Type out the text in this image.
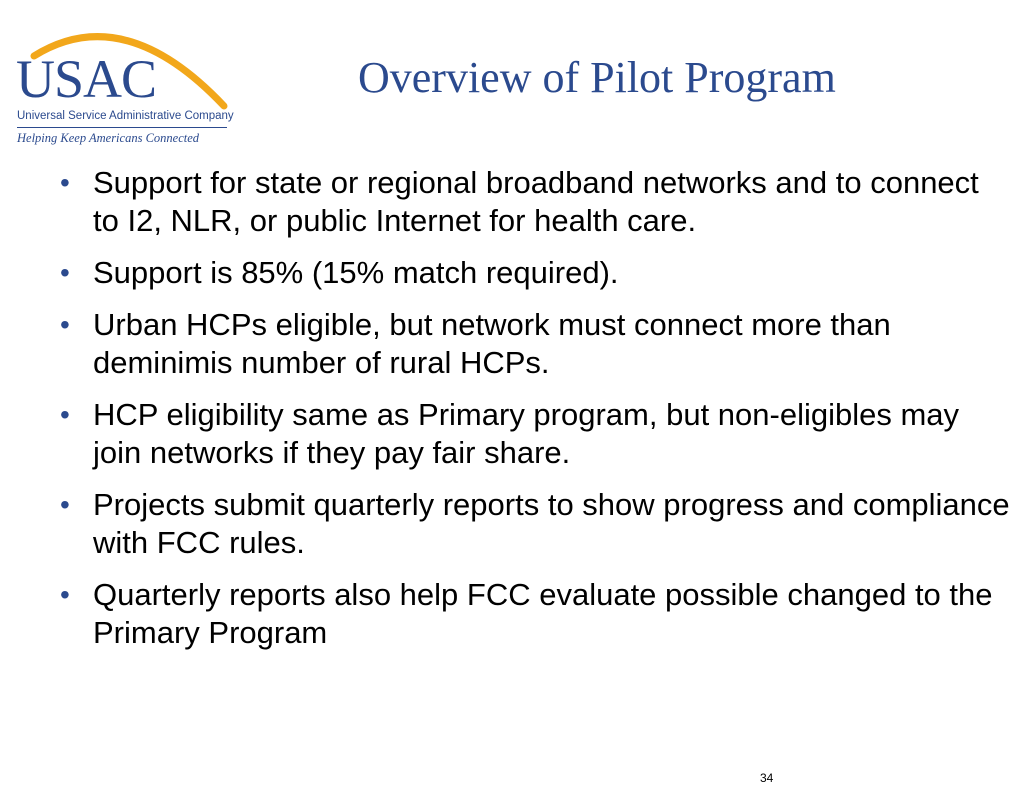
USAC
Universal Service Administrative Company
Helping Keep Americans Connected
Overview of Pilot Program
• Support for state or regional broadband networks and to connect to I2, NLR, or public Internet for health care.
• Support is 85% (15% match required).
• Urban HCPs eligible, but network must connect more than deminimis number of rural HCPs.
• HCP eligibility same as Primary program, but non-eligibles may join networks if they pay fair share.
• Projects submit quarterly reports to show progress and compliance with FCC rules.
• Quarterly reports also help FCC evaluate possible changed to the Primary Program
34
